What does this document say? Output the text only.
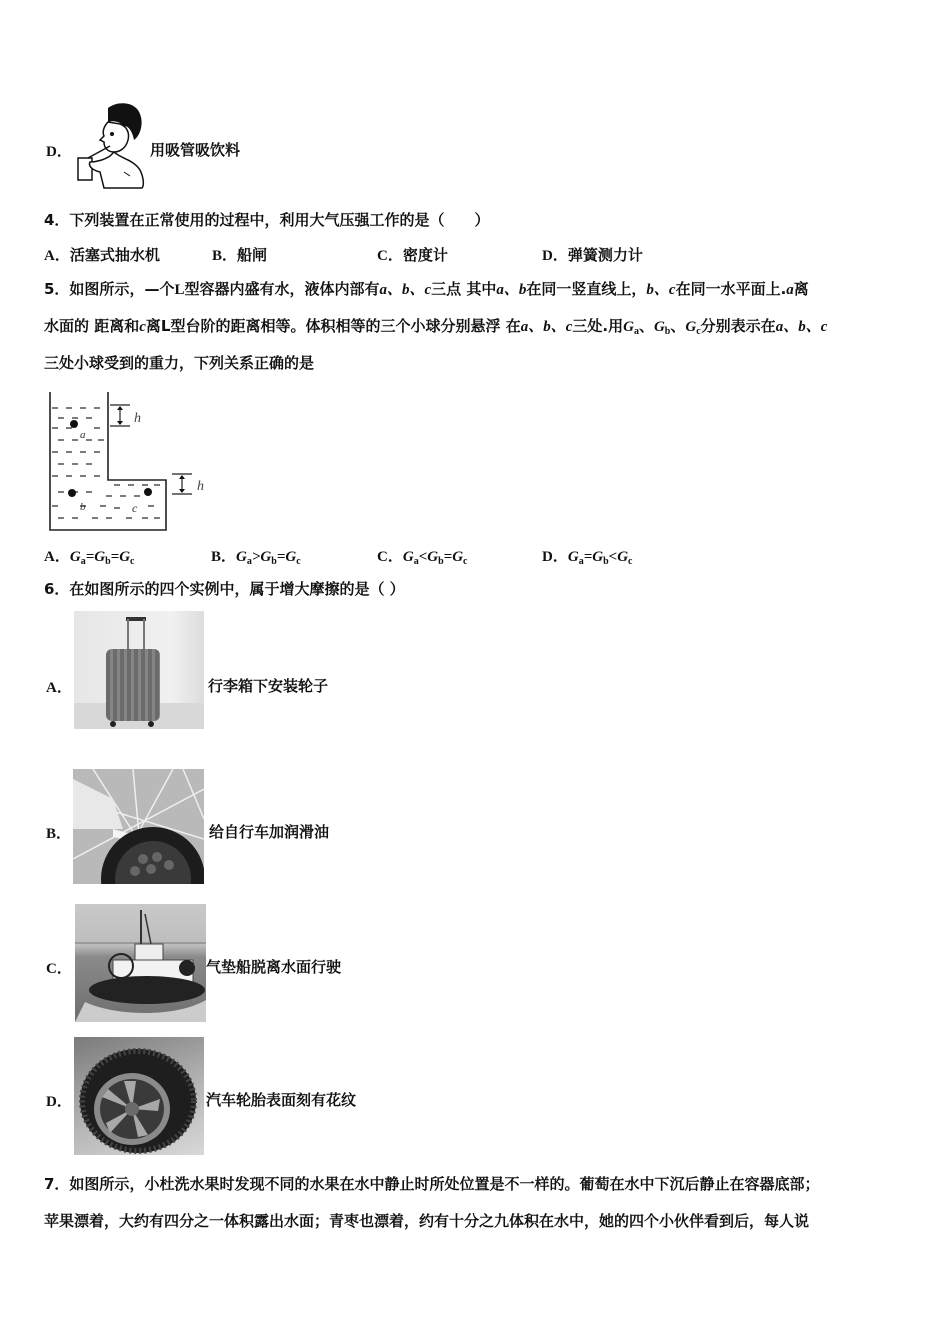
D．	用吸管吸饮料
4．下列装置在正常使用的过程中，利用大气压强工作的是（　　）
A．活塞式抽水机	B．船闸	C．密度计	D．弹簧测力计
5．如图所示，—个L型容器内盛有水，液体内部有a、b、c三点 其中a、b在同一竖直线上，b、c在同一水平面上.a离
水面的 距离和c离L型台阶的距离相等。体积相等的三个小球分别悬浮 在a、b、c三处.用$G_a$、$G_b$、$G_c$分别表示在a、b、c
三处小球受到的重力，下列关系正确的是
a
b	c
h
h
A．$G_a=G_b=G_c$	B．$G_a>G_b=G_c$	C．$G_a<G_b=G_c$	D．$G_a=G_b<G_c$
6．在如图所示的四个实例中，属于增大摩擦的是（ ）
A．	行李箱下安装轮子
B．	给自行车加润滑油
C．	气垫船脱离水面行驶
D．	汽车轮胎表面刻有花纹
7．如图所示，小杜洗水果时发现不同的水果在水中静止时所处位置是不一样的。葡萄在水中下沉后静止在容器底部；
苹果漂着，大约有四分之一体积露出水面；青枣也漂着，约有十分之九体积在水中，她的四个小伙伴看到后，每人说
